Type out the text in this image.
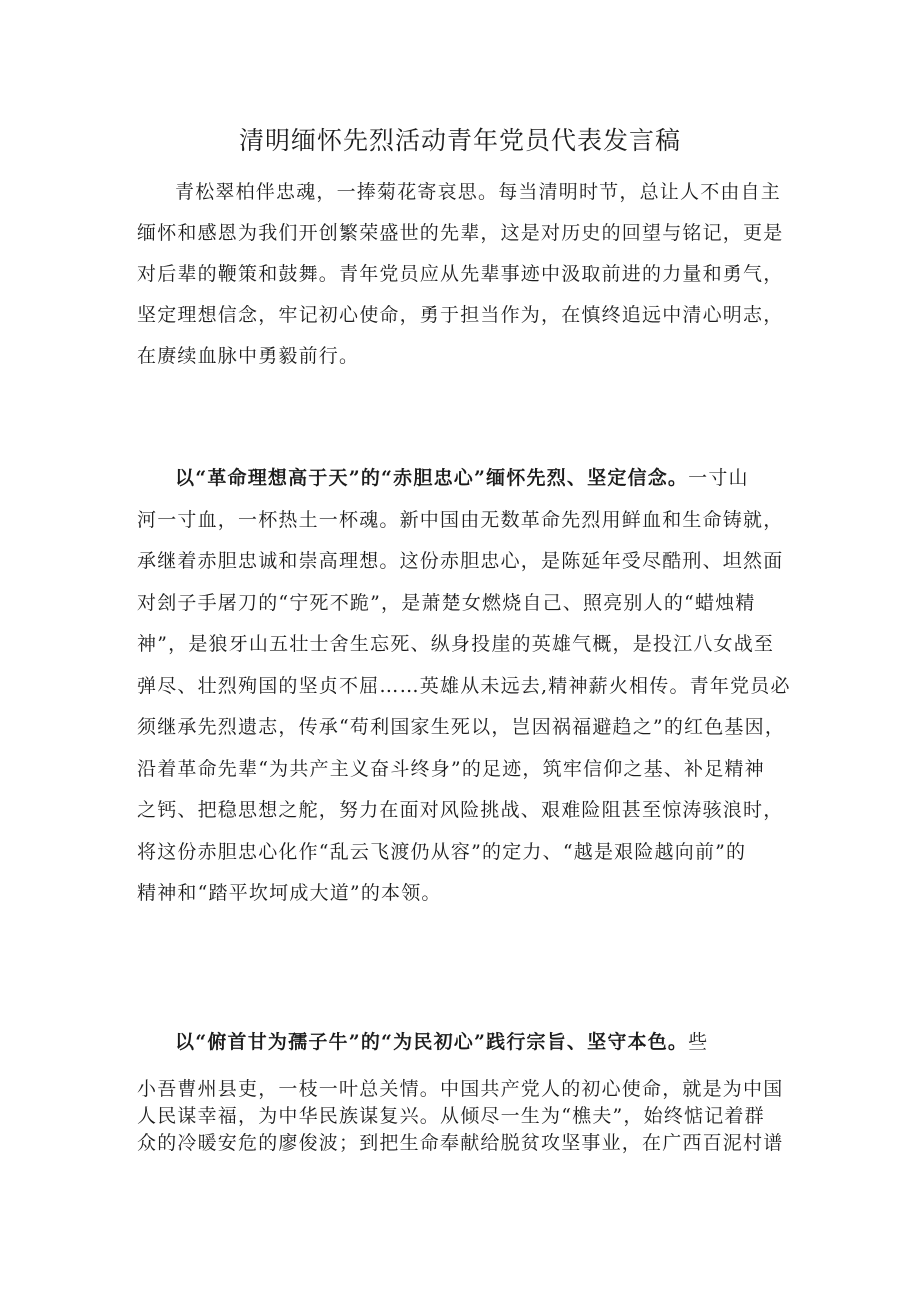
清明缅怀先烈活动青年党员代表发言稿
青松翠柏伴忠魂，一捧菊花寄哀思。每当清明时节，总让人不由自主
缅怀和感恩为我们开创繁荣盛世的先辈，这是对历史的回望与铭记，更是
对后辈的鞭策和鼓舞。青年党员应从先辈事迹中汲取前进的力量和勇气，
坚定理想信念，牢记初心使命，勇于担当作为，在慎终追远中清心明志，
在赓续血脉中勇毅前行。
以“革命理想高于天”的“赤胆忠心”缅怀先烈、坚定信念。一寸山
河一寸血，一杯热土一杯魂。新中国由无数革命先烈用鲜血和生命铸就，
承继着赤胆忠诚和崇高理想。这份赤胆忠心，是陈延年受尽酷刑、坦然面
对刽子手屠刀的“宁死不跪”，是萧楚女燃烧自己、照亮别人的“蜡烛精
神”，是狼牙山五壮士舍生忘死、纵身投崖的英雄气概，是投江八女战至
弹尽、壮烈殉国的坚贞不屈……英雄从未远去,精神薪火相传。青年党员必
须继承先烈遗志，传承“苟利国家生死以，岂因祸福避趋之”的红色基因，
沿着革命先辈“为共产主义奋斗终身”的足迹，筑牢信仰之基、补足精神
之钙、把稳思想之舵，努力在面对风险挑战、艰难险阻甚至惊涛骇浪时，
将这份赤胆忠心化作“乱云飞渡仍从容”的定力、“越是艰险越向前”的
精神和“踏平坎坷成大道”的本领。
以“俯首甘为孺子牛”的“为民初心”践行宗旨、坚守本色。些
小吾曹州县吏，一枝一叶总关情。中国共产党人的初心使命，就是为中国
人民谋幸福，为中华民族谋复兴。从倾尽一生为“樵夫”，始终惦记着群
众的冷暖安危的廖俊波；到把生命奉献给脱贫攻坚事业，在广西百泥村谱
